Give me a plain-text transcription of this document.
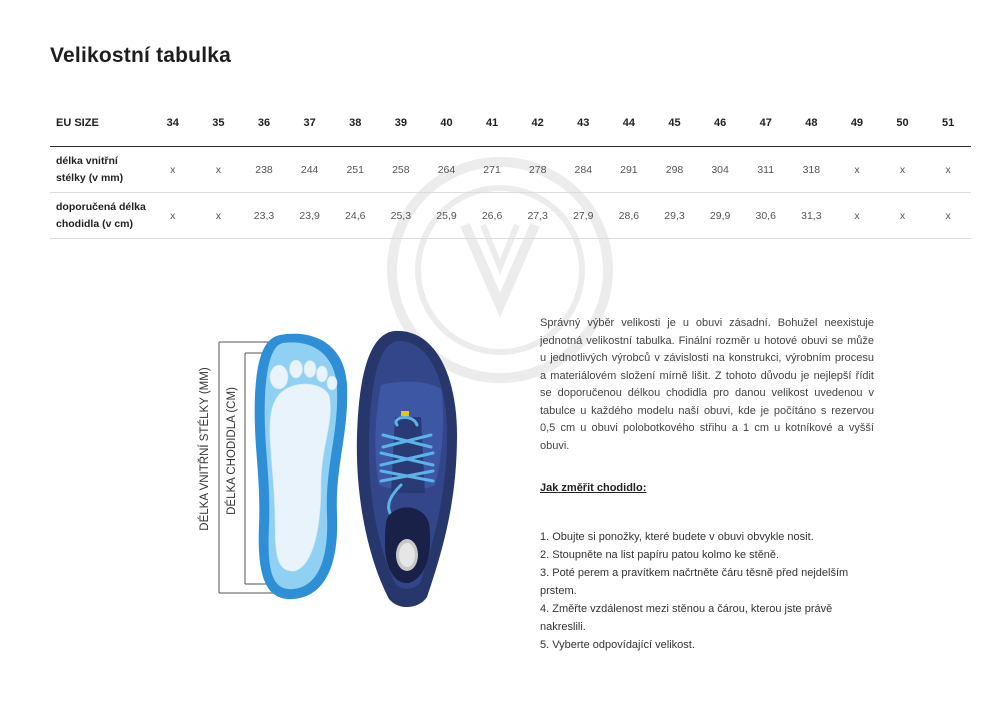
Velikostní tabulka
EU SIZE	34	35	36	37	38	39	40	41	42	43	44	45	46	47	48	49	50	51
délka vnitřní
stélky (v mm)	x	x	238	244	251	258	264	271	278	284	291	298	304	311	318	x	x	x
doporučená délka
chodidla (v cm)	x	x	23,3	23,9	24,6	25,3	25,9	26,6	27,3	27,9	28,6	29,3	29,9	30,6	31,3	x	x	x
DÉLKA VNITŘNÍ STÉLKY (MM) DÉLKA CHODIDLA (CM)
Správný výběr velikosti je u obuvi zásadní. Bohužel neexistuje jednotná velikostní tabulka. Finální rozměr u hotové obuvi se může u jednotlivých výrobců v závislosti na konstrukci, výrobním procesu a materiálovém složení mírně lišit. Z tohoto důvodu je nejlepší řídit se doporučenou délkou chodidla pro danou velikost uvedenou v tabulce u každého modelu naší obuvi, kde je počítáno s rezervou 0,5 cm u obuvi polobotkového střihu a 1 cm u kotníkové a vyšší obuvi.
Jak změřit chodidlo:
1. Obujte si ponožky, které budete v obuvi obvykle nosit.
2. Stoupněte na list papíru patou kolmo ke stěně.
3. Poté perem a pravítkem načrtněte čáru těsně před nejdelším prstem.
4. Změřte vzdálenost mezi stěnou a čárou, kterou jste právě nakreslili.
5. Vyberte odpovídající velikost.
